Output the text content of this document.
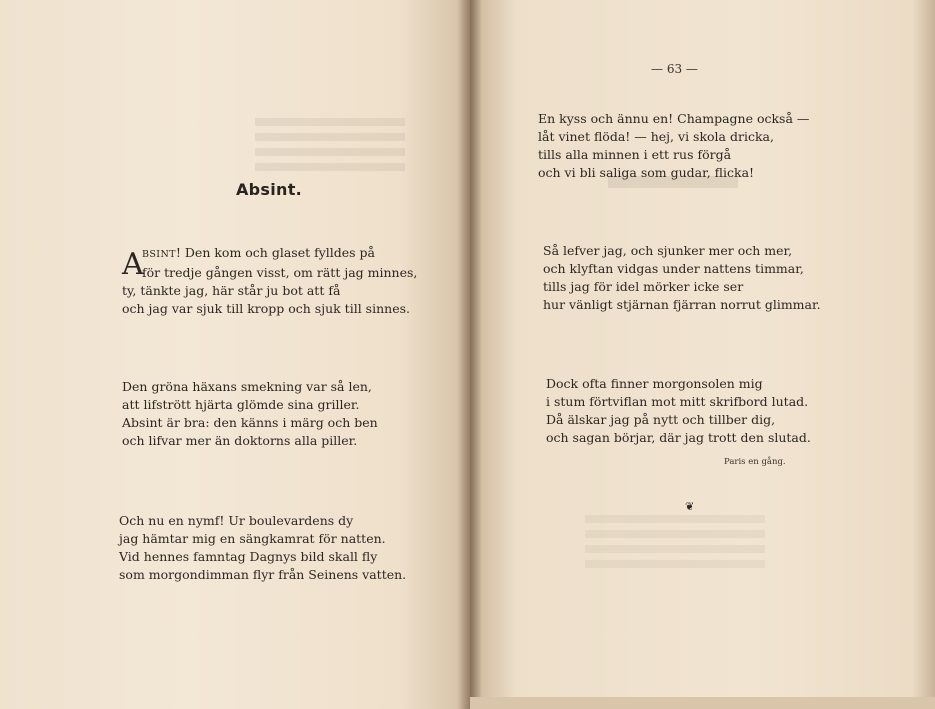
Absint.
A
BSINT! Den kom och glaset fylldes på
för tredje gången visst, om rätt jag minnes,
ty, tänkte jag, här står ju bot att få
och jag var sjuk till kropp och sjuk till sinnes.
Den gröna häxans smekning var så len,
att lifstrött hjärta glömde sina griller.
Absint är bra: den känns i märg och ben
och lifvar mer än doktorns alla piller.
Och nu en nymf! Ur boulevardens dy
jag hämtar mig en sängkamrat för natten.
Vid hennes famntag Dagnys bild skall fly
som morgondimman flyr från Seinens vatten.
— 63 —
En kyss och ännu en! Champagne också —
låt vinet flöda! — hej, vi skola dricka,
tills alla minnen i ett rus förgå
och vi bli saliga som gudar, flicka!
Så lefver jag, och sjunker mer och mer,
och klyftan vidgas under nattens timmar,
tills jag för idel mörker icke ser
hur vänligt stjärnan fjärran norrut glimmar.
Dock ofta finner morgonsolen mig
i stum förtviflan mot mitt skrifbord lutad.
Då älskar jag på nytt och tillber dig,
och sagan börjar, där jag trott den slutad.
Paris en gång.
❦
